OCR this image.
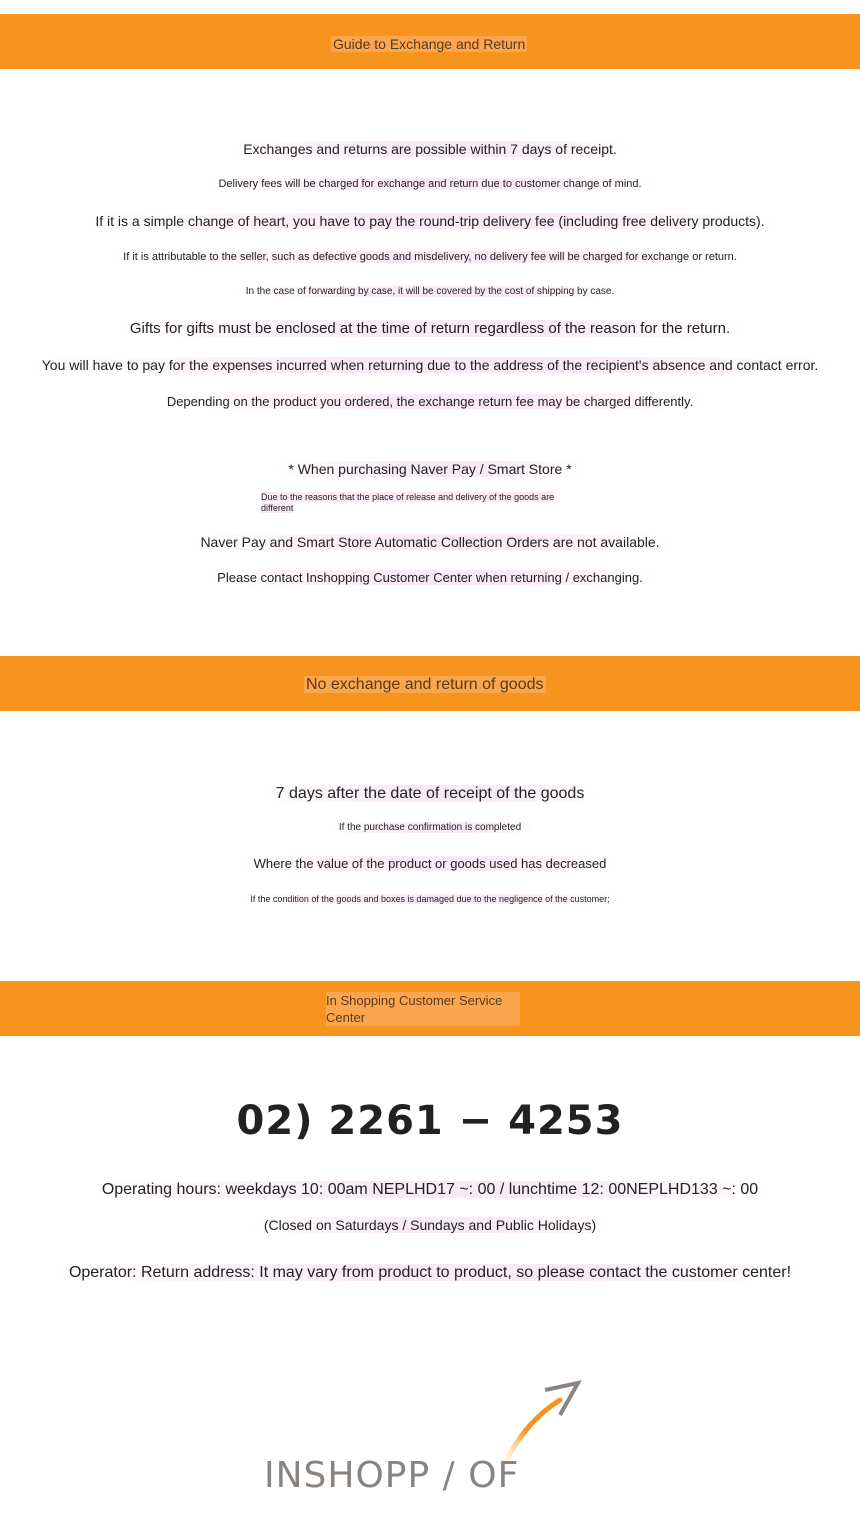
Guide to Exchange and Return
Exchanges and returns are possible within 7 days of receipt.
Delivery fees will be charged for exchange and return due to customer change of mind.
If it is a simple change of heart, you have to pay the round-trip delivery fee (including free delivery products).
If it is attributable to the seller, such as defective goods and misdelivery, no delivery fee will be charged for exchange or return.
In the case of forwarding by case, it will be covered by the cost of shipping by case.
Gifts for gifts must be enclosed at the time of return regardless of the reason for the return.
You will have to pay for the expenses incurred when returning due to the address of the recipient's absence and contact error.
Depending on the product you ordered, the exchange return fee may be charged differently.
* When purchasing Naver Pay / Smart Store *
Due to the reasons that the place of release and delivery of the goods are different
Naver Pay and Smart Store Automatic Collection Orders are not available.
Please contact Inshopping Customer Center when returning / exchanging.
No exchange and return of goods
7 days after the date of receipt of the goods
If the purchase confirmation is completed
Where the value of the product or goods used has decreased
If the condition of the goods and boxes is damaged due to the negligence of the customer;
In Shopping Customer Service
Center
02) 2261 − 4253
Operating hours: weekdays 10: 00am NEPLHD17 ~: 00 / lunchtime 12: 00NEPLHD133 ~: 00
(Closed on Saturdays / Sundays and Public Holidays)
Operator: Return address: It may vary from product to product, so please contact the customer center!
INSHOPP / OF
